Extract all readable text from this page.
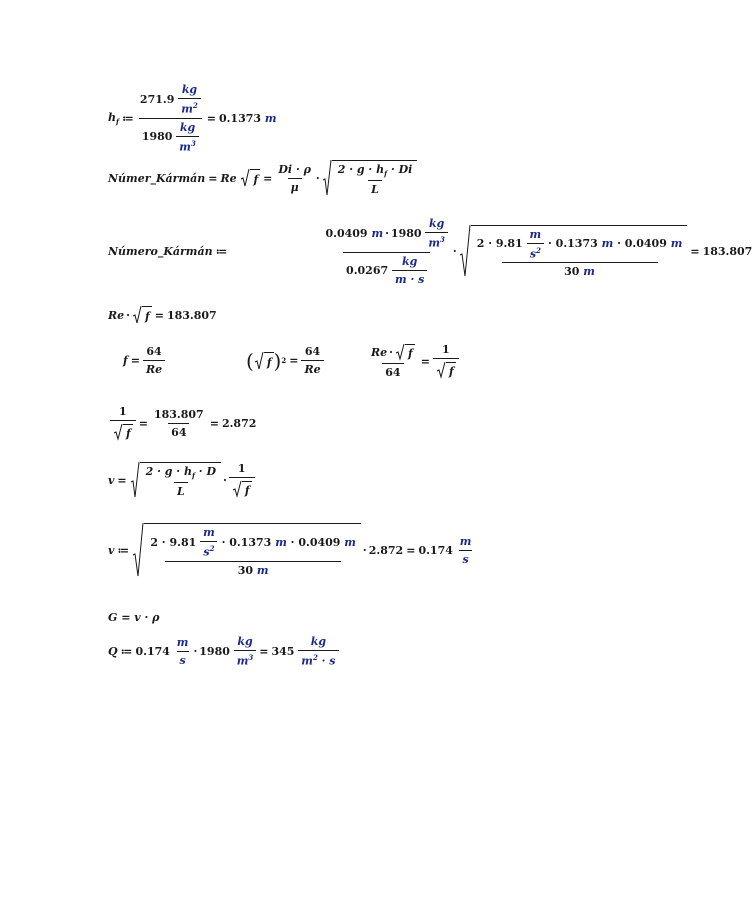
$h_f$ ≔ 271.9
$\frac{kg}{m^2}$
1980
$\frac{kg}{m^3} = 0.1373$
m
Númer_Kármán = Re
$f = \frac{Di \cdot \rho}{\mu} \cdot \frac{2 \cdot g \cdot h_f \cdot Di}{L}$
Número_Kármán ≔	0.0409
m · 1980
$\frac{kg}{m^3}$
0.0267
$\frac{kg}{m \cdot s} \cdot 2 \cdot 9.81$
$\frac{m}{s^2}$
· 0.1373
m
· 0.0409
m
30
m = 183.807
Re · f = 183.807
$f = \frac{64}{Re}$	( f ) $2 = \frac{64}{Re}$	$\frac{Re \cdot f}{64} = \frac{1}{f}$
$\frac{1}{f} = \frac{183.807}{64} = 2.872$
$v = \frac{2 \cdot g \cdot h_f \cdot D}{L} \cdot \frac{1}{f}$
v ≔ 2 · 9.81
$\frac{m}{s^2}$
· 0.1373
m
· 0.0409
m
30
m · 2.872 = 0.174
$\frac{m}{s}$
G = v · ρ
Q ≔ 0.174
$\frac{m}{s} \cdot 1980$
$\frac{kg}{m^3} = 345$
$\frac{kg}{m^2 \cdot s}$
